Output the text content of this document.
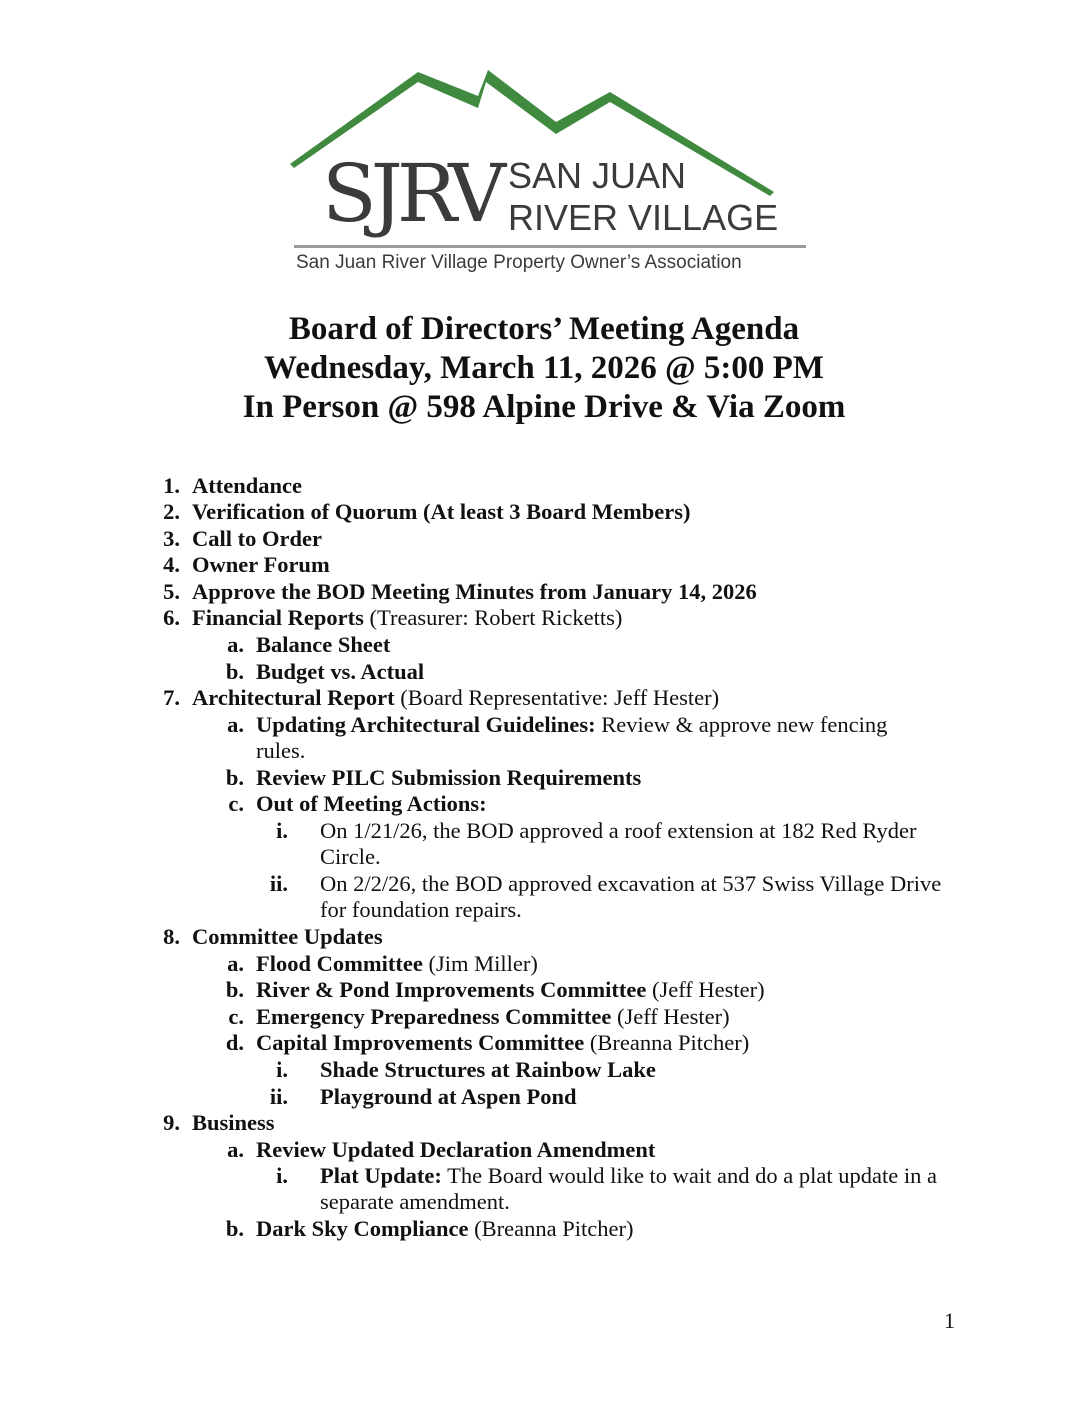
SJRV SAN JUAN
RIVER VILLAGE
San Juan River Village Property Owner’s Association
Board of Directors’ Meeting Agenda
Wednesday, March 11, 2026 @ 5:00 PM
In Person @ 598 Alpine Drive & Via Zoom
1. Attendance
2. Verification of Quorum (At least 3 Board Members)
3. Call to Order
4. Owner Forum
5. Approve the BOD Meeting Minutes from January 14, 2026
6. Financial Reports (Treasurer: Robert Ricketts)
a. Balance Sheet
b. Budget vs. Actual
7. Architectural Report (Board Representative: Jeff Hester)
a. Updating Architectural Guidelines: Review & approve new fencing
rules.
b. Review PILC Submission Requirements
c. Out of Meeting Actions:
i. On 1/21/26, the BOD approved a roof extension at 182 Red Ryder
Circle.
ii. On 2/2/26, the BOD approved excavation at 537 Swiss Village Drive
for foundation repairs.
8. Committee Updates
a. Flood Committee (Jim Miller)
b. River & Pond Improvements Committee (Jeff Hester)
c. Emergency Preparedness Committee (Jeff Hester)
d. Capital Improvements Committee (Breanna Pitcher)
i. Shade Structures at Rainbow Lake
ii. Playground at Aspen Pond
9. Business
a. Review Updated Declaration Amendment
i. Plat Update: The Board would like to wait and do a plat update in a
separate amendment.
b. Dark Sky Compliance (Breanna Pitcher)
1
